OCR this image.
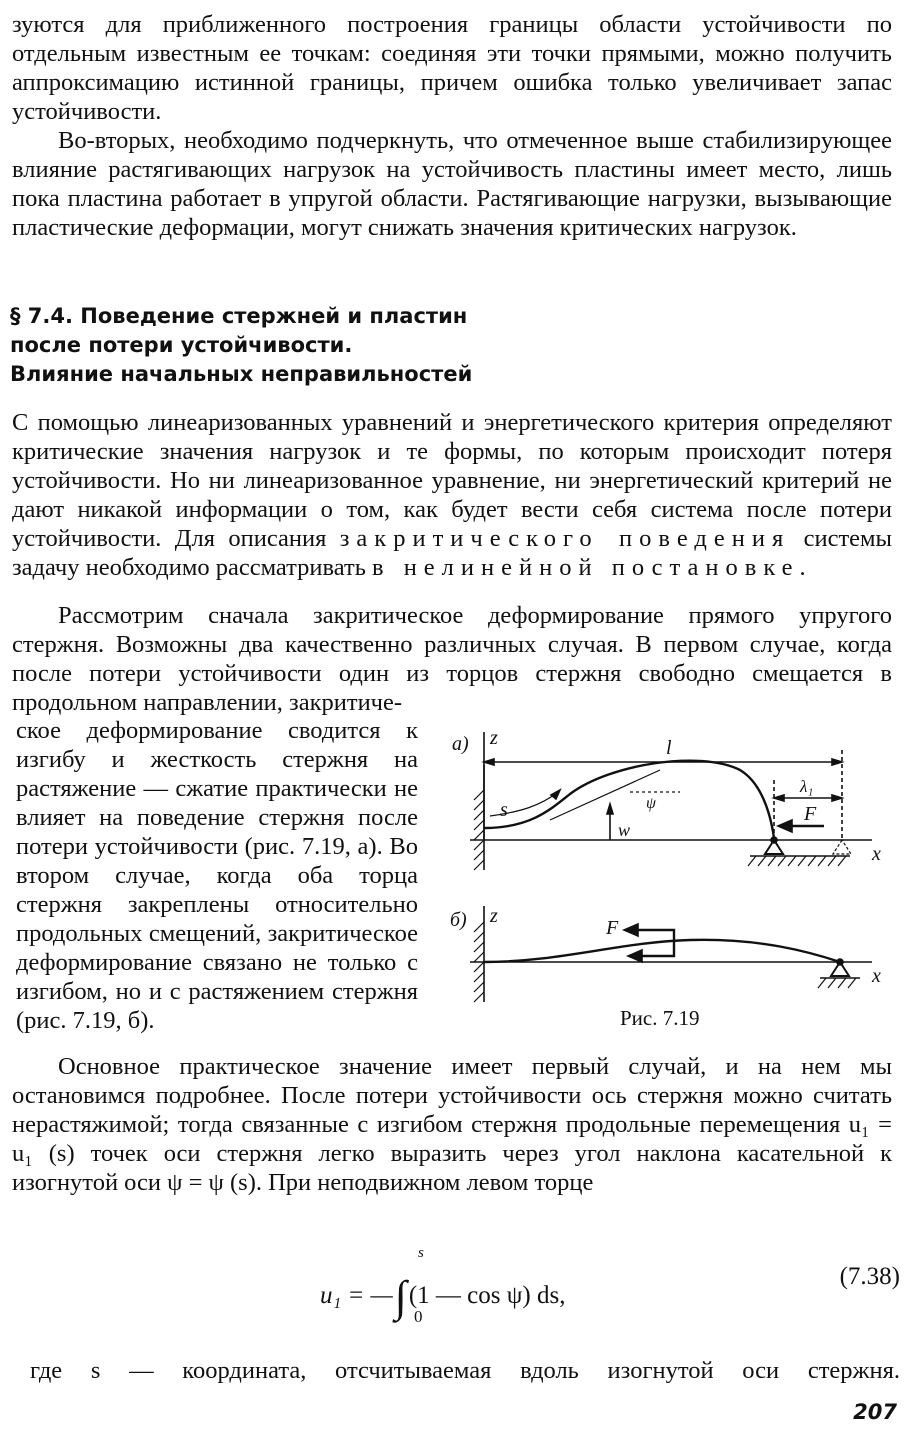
зуются для приближенного построения границы области устойчивости по отдельным известным ее точкам: соединяя эти точки прямыми, можно получить аппроксимацию истинной границы, причем ошибка только увеличивает запас устойчивости.

Во-вторых, необходимо подчеркнуть, что отмеченное выше стабилизирующее влияние растягивающих нагрузок на устойчивость пластины имеет место, лишь пока пластина работает в упругой области. Растягивающие нагрузки, вызывающие пластические деформации, могут снижать значения критических нагрузок.

§ 7.4. Поведение стержней и пластин
после потери устойчивости.
Влияние начальных неправильностей

С помощью линеаризованных уравнений и энергетического критерия определяют критические значения нагрузок и те формы, по которым происходит потеря устойчивости. Но ни линеаризованное уравнение, ни энергетический критерий не дают никакой информации о том, как будет вести себя система после потери устойчивости. Для описания закритического поведения системы задачу необходимо рассматривать в нелинейной постановке.

Рассмотрим сначала закритическое деформирование прямого упругого стержня. Возможны два качественно различных случая. В первом случае, когда после потери устойчивости один из торцов стержня свободно смещается в продольном направлении, закритиче-

ское деформирование сводится к изгибу и жесткость стержня на растяжение — сжатие практически не влияет на поведение стержня после потери устойчивости (рис. 7.19, а). Во втором случае, когда оба торца стержня закреплены относительно продольных смещений, закритическое деформирование связано не только с изгибом, но и с растяжением стержня (рис. 7.19, б).

а) z	l
λ₁
s	ψ
w
F
x
б) z
F
x
Рис. 7.19

Основное практическое значение имеет первый случай, и на нем мы остановимся подробнее. После потери устойчивости ось стержня можно считать нерастяжимой; тогда связанные с изгибом стержня продольные перемещения u₁ = u₁ (s) точек оси стержня легко выразить через угол наклона касательной к изогнутой оси ψ = ψ (s). При неподвижном левом торце

s
u₁ = —∫(1 — cos ψ) ds,
0
(7.38)
где s — координата, отсчитываемая вдоль изогнутой оси стержня.
207
